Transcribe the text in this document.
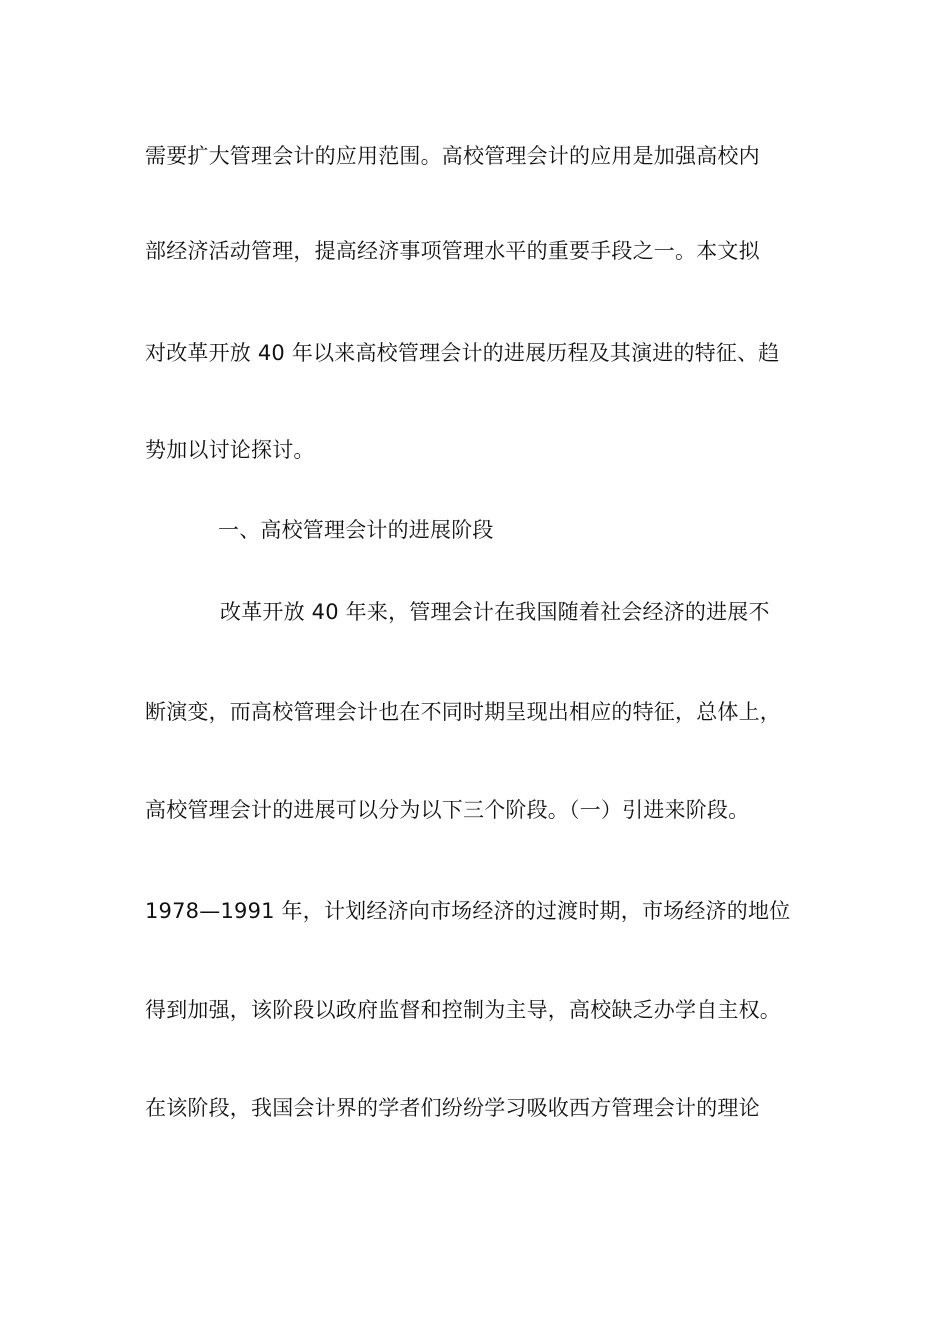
需要扩大管理会计的应用范围。高校管理会计的应用是加强高校内
部经济活动管理，提高经济事项管理水平的重要手段之一。本文拟
对改革开放 40 年以来高校管理会计的进展历程及其演进的特征、趋
势加以讨论探讨。
一、高校管理会计的进展阶段
改革开放 40 年来，管理会计在我国随着社会经济的进展不
断演变，而高校管理会计也在不同时期呈现出相应的特征，总体上，
高校管理会计的进展可以分为以下三个阶段。（一）引进来阶段。
1978—1991 年，计划经济向市场经济的过渡时期，市场经济的地位
得到加强，该阶段以政府监督和控制为主导，高校缺乏办学自主权。
在该阶段，我国会计界的学者们纷纷学习吸收西方管理会计的理论
